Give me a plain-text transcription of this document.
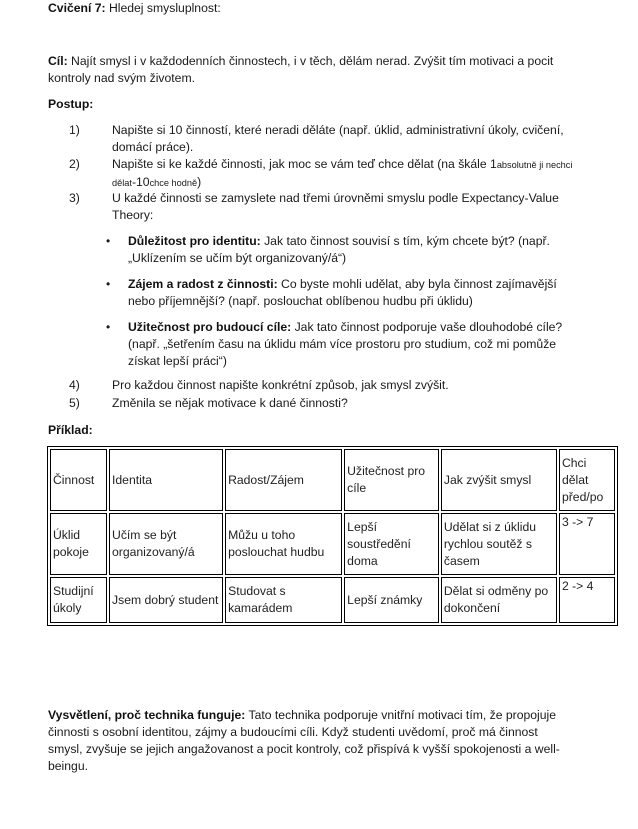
Cvičení 7: Hledej smysluplnost:

Cíl: Najít smysl i v každodenních činnostech, i v těch, dělám nerad. Zvýšit tím motivaci a pocit kontroly nad svým životem.

Postup:

1)	Napište si 10 činností, které neradi děláte (např. úklid, administrativní úkoly, cvičení, domácí práce).
2)	Napište si ke každé činnosti, jak moc se vám teď chce dělat (na škále 1absolutně ji nechci dělat-10chce hodně)
3)	U každé činnosti se zamyslete nad třemi úrovněmi smyslu podle Expectancy-Value Theory:
• Důležitost pro identitu: Jak tato činnost souvisí s tím, kým chcete být? (např. „Uklízením se učím být organizovaný/á“)
• Zájem a radost z činnosti: Co byste mohli udělat, aby byla činnost zajímavější nebo příjemnější? (např. poslouchat oblíbenou hudbu při úklidu)
• Užitečnost pro budoucí cíle: Jak tato činnost podporuje vaše dlouhodobé cíle? (např. „šetřením času na úklidu mám více prostoru pro studium, což mi pomůže získat lepší práci“)
4)	Pro každou činnost napište konkrétní způsob, jak smysl zvýšit.
5)	Změnila se nějak motivace k dané činnosti?

Příklad:

Činnost	Identita	Radost/Zájem	Užitečnost pro cíle	Jak zvýšit smysl	Chci dělat před/po
Úklid pokoje	Učím se být organizovaný/á	Můžu u toho poslouchat hudbu	Lepší soustředění doma	Udělat si z úklidu rychlou soutěž s časem	3 -> 7
Studijní úkoly	Jsem dobrý student	Studovat s kamarádem	Lepší známky	Dělat si odměny po dokončení	2 -> 4

Vysvětlení, proč technika funguje: Tato technika podporuje vnitřní motivaci tím, že propojuje činnosti s osobní identitou, zájmy a budoucími cíli. Když studenti uvědomí, proč má činnost smysl, zvyšuje se jejich angažovanost a pocit kontroly, což přispívá k vyšší spokojenosti a well-beingu.
